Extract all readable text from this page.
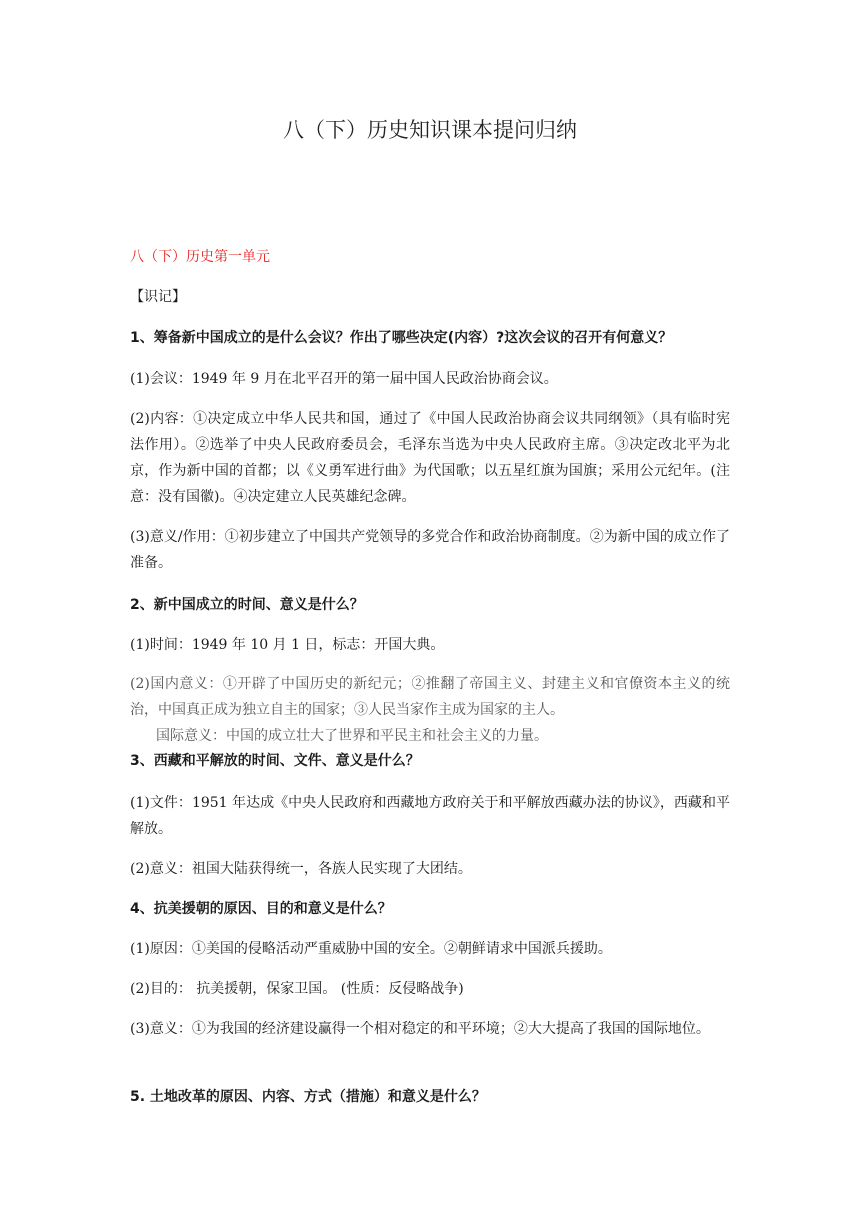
八（下）历史知识课本提问归纳
八（下）历史第一单元
【识记】
1、筹备新中国成立的是什么会议？作出了哪些决定(内容）?这次会议的召开有何意义？
(1)会议：1949 年 9 月在北平召开的第一届中国人民政治协商会议。
(2)内容：①决定成立中华人民共和国，通过了《中国人民政治协商会议共同纲领》（具有临时宪法作用）。②选举了中央人民政府委员会，毛泽东当选为中央人民政府主席。③决定改北平为北京，作为新中国的首都；以《义勇军进行曲》为代国歌；以五星红旗为国旗；采用公元纪年。(注意：没有国徽)。④决定建立人民英雄纪念碑。
(3)意义/作用：①初步建立了中国共产党领导的多党合作和政治协商制度。②为新中国的成立作了准备。
2、新中国成立的时间、意义是什么？
(1)时间：1949 年 10 月 1 日，标志：开国大典。
(2)国内意义：①开辟了中国历史的新纪元；②推翻了帝国主义、封建主义和官僚资本主义的统治，中国真正成为独立自主的国家；③人民当家作主成为国家的主人。
国际意义：中国的成立壮大了世界和平民主和社会主义的力量。
3、西藏和平解放的时间、文件、意义是什么？
(1)文件：1951 年达成《中央人民政府和西藏地方政府关于和平解放西藏办法的协议》，西藏和平解放。
(2)意义：祖国大陆获得统一，各族人民实现了大团结。
4、抗美援朝的原因、目的和意义是什么？
(1)原因：①美国的侵略活动严重威胁中国的安全。②朝鲜请求中国派兵援助。
(2)目的： 抗美援朝，保家卫国。 (性质：反侵略战争)
(3)意义：①为我国的经济建设赢得一个相对稳定的和平环境；②大大提高了我国的国际地位。
5. 土地改革的原因、内容、方式（措施）和意义是什么？
